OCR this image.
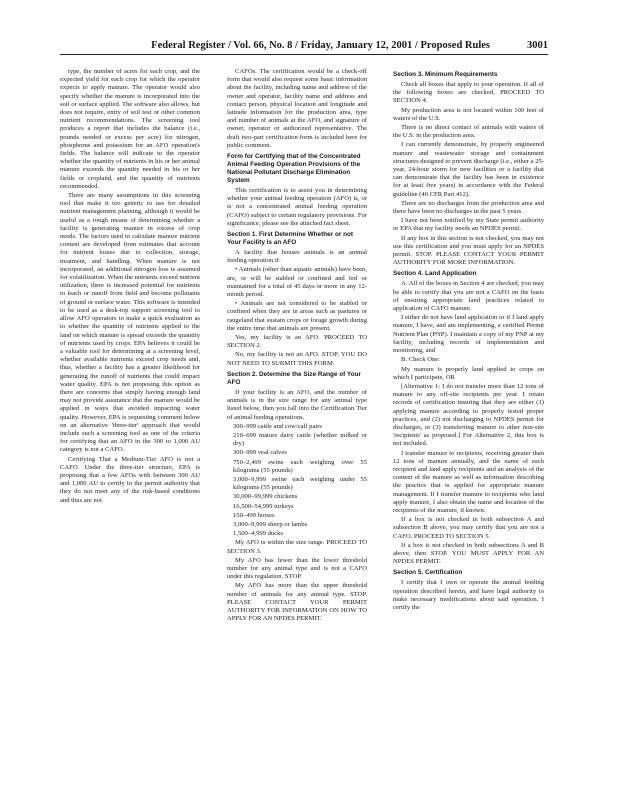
Federal Register / Vol. 66, No. 8 / Friday, January 12, 2001 / Proposed Rules	3001

type, the number of acres for each crop, and the expected yield for each crop for which the operator expects to apply manure. The operator would also specify whether the manure is incorporated into the soil or surface applied. The software also allows, but does not require, entry of soil test or other common nutrient recommendations. The screening tool produces a report that includes the balance (i.e., pounds needed or excess per acre) for nitrogen, phosphorus and potassium for an AFO operation's fields. The balance will indicate to the operator whether the quantity of nutrients in his or her animal manure exceeds the quantity needed in his or her fields or cropland, and the quantity of nutrients recommended.

There are many assumptions in this screening tool that make it too generic to use for detailed nutrient management planning, although it would be useful as a rough means of determining whether a facility is generating manure in excess of crop needs. The factors used to calculate manure nutrient content are developed from estimates that account for nutrient losses due to collection, storage, treatment, and handling. When manure is not incorporated, an additional nitrogen loss is assumed for volatilization. When the nutrients exceed nutrient utilization, there is increased potential for nutrients to leach or runoff from field and become pollutants of ground or surface water. This software is intended to be used as a desk-top support screening tool to allow AFO operators to make a quick evaluation as to whether the quantity of nutrients applied to the land on which manure is spread exceeds the quantity of nutrients used by crops. EPA believes it could be a valuable tool for determining at a screening level, whether available nutrients exceed crop needs and, thus, whether a facility has a greater likelihood for generating the runoff of nutrients that could impact water quality. EPA is not proposing this option as there are concerns that simply having enough land may not provide assurance that the manure would be applied in ways that avoided impacting water quality. However, EPA is requesting comment below on an alternative 'three-tier' approach that would include such a screening tool as one of the criteria for certifying that an AFO in the 300 to 1,000 AU category is not a CAFO.

Certifying That a Medium-Tier AFO is not a CAFO. Under the three-tier structure, EPA is proposing that a few AFOs with between 300 AU and 1,000 AU to certify to the permit authority that they do not meet any of the risk-based conditions and thus are not

CAFOs. The certification would be a check-off form that would also request some basic information about the facility, including name and address of the owner and operator, facility name and address and contact person, physical location and longitude and latitude information for the production area, type and number of animals at the AFO, and signature of owner, operator or authorized representative. The draft two-part certification form is included here for public comment.

Form for Certifying that of the Concentrated Animal Feeding Operation Provisions of the National Pollutant Discharge Elimination System

This certification is to assist you in determining whether your animal feeding operation (AFO) is, or is not a concentrated animal feeding operation (CAFO) subject to certain regulatory provisions. For significance, please see the attached fact sheet.

Section 1. First Determine Whether or not Your Facility is an AFO

A facility that houses animals is an animal feeding operation if:

• Animals (other than aquatic animals) have been, are, or will be stabled or confined and fed or maintained for a total of 45 days or more in any 12-month period.

• Animals are not considered to be stabled or confined when they are in areas such as pastures or rangeland that sustain crops or forage growth during the entire time that animals are present.

Yes, my facility is an AFO. PROCEED TO SECTION 2.

No, my facility is not an AFO. STOP. YOU DO NOT NEED TO SUBMIT THIS FORM.

Section 2. Determine the Size Range of Your AFO

If your facility is an AFO, and the number of animals is in the size range for any animal type listed below, then you fall into the Certification Tier of animal feeding operations.

300–999 cattle and cow/calf pairs

210–699 mature dairy cattle (whether milked or dry)

300–999 veal calves

750–2,499 swine each weighing over 55 kilograms (55 pounds)

3,000–9,999 swine each weighing under 55 kilograms (55 pounds)

30,000–99,999 chickens

16,500–54,999 turkeys

150–499 horses

3,000–9,999 sheep or lambs

1,500–4,999 ducks

My AFO is within the size range. PROCEED TO SECTION 3.

My AFO has fewer than the lower threshold number for any animal type and is not a CAFO under this regulation. STOP.

My AFO has more than the upper threshold number of animals for any animal type. STOP. PLEASE CONTACT YOUR PERMIT AUTHORITY FOR INFORMATION ON HOW TO APPLY FOR AN NPDES PERMIT.

Section 3. Minimum Requirements

Check all boxes that apply to your operation. If all of the following boxes are checked, PROCEED TO SECTION 4.

My production area is not located within 100 feet of waters of the U.S.

There is no direct contact of animals with waters of the U.S. in the production area.

I can currently demonstrate, by properly engineered manure and wastewater storage and containment structures designed to prevent discharge (i.e., either a 25-year, 24-hour storm for new facilities or a facility that can demonstrate that the facility has been in existence for at least five years) in accordance with the Federal guideline (40 CFR Part 412).

There are no discharges from the production area and there have been no discharges in the past 5 years.

I have not been notified by my State permit authority or EPA that my facility needs an NPDES permit.

If any box in this section is not checked, you may not use this certification and you must apply for an NPDES permit. STOP. PLEASE CONTACT YOUR PERMIT AUTHORITY FOR MORE INFORMATION.

Section 4. Land Application

A. All of the boxes in Section 4 are checked, you may be able to certify that you are not a CAFO on the basis of ensuring appropriate land practices related to application of CAFO manure.

I either do not have land application or if I land apply manure, I have, and am implementing, a certified Permit Nutrient Plan (PNP). I maintain a copy of my PNP at my facility, including records of implementation and monitoring, and

B. Check One:

My manure is properly land applied to crops on which I participate, OR

[Alternative 1: I do not transfer more than 12 tons of manure to any off-site recipients per year. I retain records of certification insuring that they are either (1) applying manure according to properly tested proper practices, and (2) not discharging to NPDES permit for discharges, or (3) transferring manure to other non-site 'recipients' as proposed.] For Alternative 2, this box is not included.

I transfer manure to recipients, receiving greater than 12 tons of manure annually, and the name of each recipient and land apply recipients and an analysis of the content of the manure as well as information describing the practice that is applied for appropriate manure management. If I transfer manure to recipients who land apply manure, I also obtain the name and location of the recipients of the manure, if known.

If a box is not checked in both subsection A and subsection B above, you may certify that you are not a CAFO. PROCEED TO SECTION 5.

If a box is not checked in both subsections A and B above, then STOP. YOU MUST APPLY FOR AN NPDES PERMIT.

Section 5. Certification

I certify that I own or operate the animal feeding operation described herein, and have legal authority to make necessary modifications about said operation. I certify the
